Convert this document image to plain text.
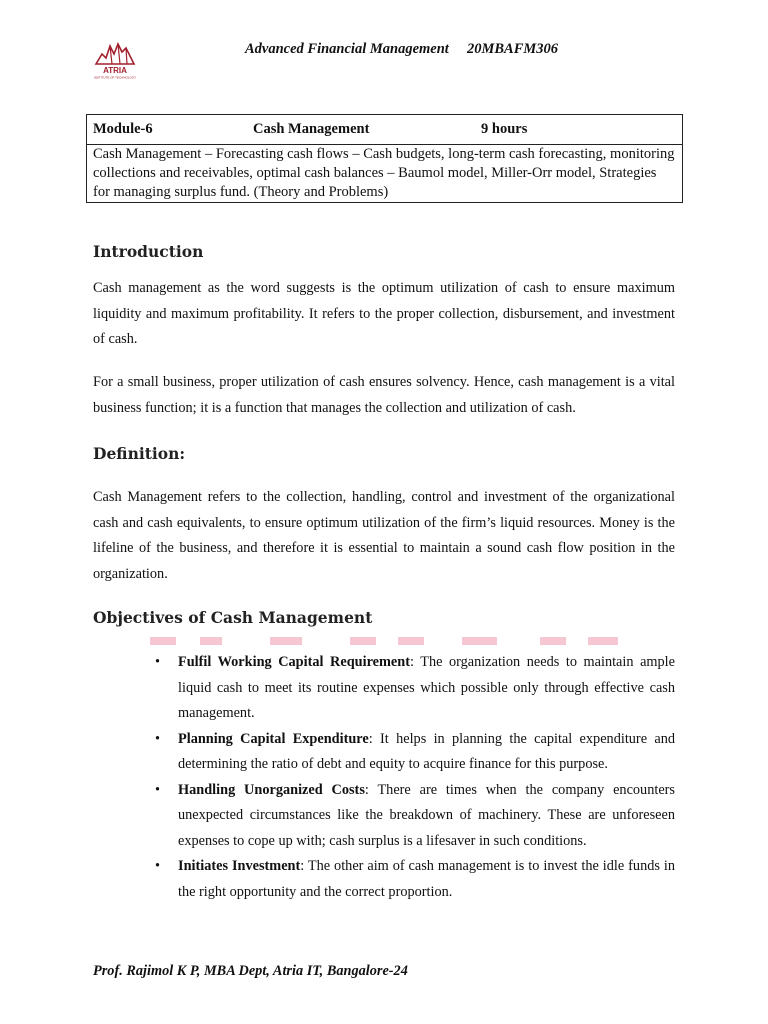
ATRIA
INSTITUTE OF TECHNOLOGY
Advanced Financial Management 20MBAFM306
Module-6	Cash Management	9 hours
Cash Management – Forecasting cash flows – Cash budgets, long-term cash forecasting, monitoring collections and receivables, optimal cash balances – Baumol model, Miller-Orr model, Strategies for managing surplus fund. (Theory and Problems)
Introduction

Cash management as the word suggests is the optimum utilization of cash to ensure maximum liquidity and maximum profitability. It refers to the proper collection, disbursement, and investment of cash.

For a small business, proper utilization of cash ensures solvency. Hence, cash management is a vital business function; it is a function that manages the collection and utilization of cash.

Definition:

Cash Management refers to the collection, handling, control and investment of the organizational cash and cash equivalents, to ensure optimum utilization of the firm’s liquid resources. Money is the lifeline of the business, and therefore it is essential to maintain a sound cash flow position in the organization.

Objectives of Cash Management
• Fulfil Working Capital Requirement: The organization needs to maintain ample liquid cash to meet its routine expenses which possible only through effective cash management.
• Planning Capital Expenditure: It helps in planning the capital expenditure and determining the ratio of debt and equity to acquire finance for this purpose.
• Handling Unorganized Costs: There are times when the company encounters unexpected circumstances like the breakdown of machinery. These are unforeseen expenses to cope up with; cash surplus is a lifesaver in such conditions.
• Initiates Investment: The other aim of cash management is to invest the idle funds in the right opportunity and the correct proportion.
Prof. Rajimol K P, MBA Dept, Atria IT, Bangalore-24
